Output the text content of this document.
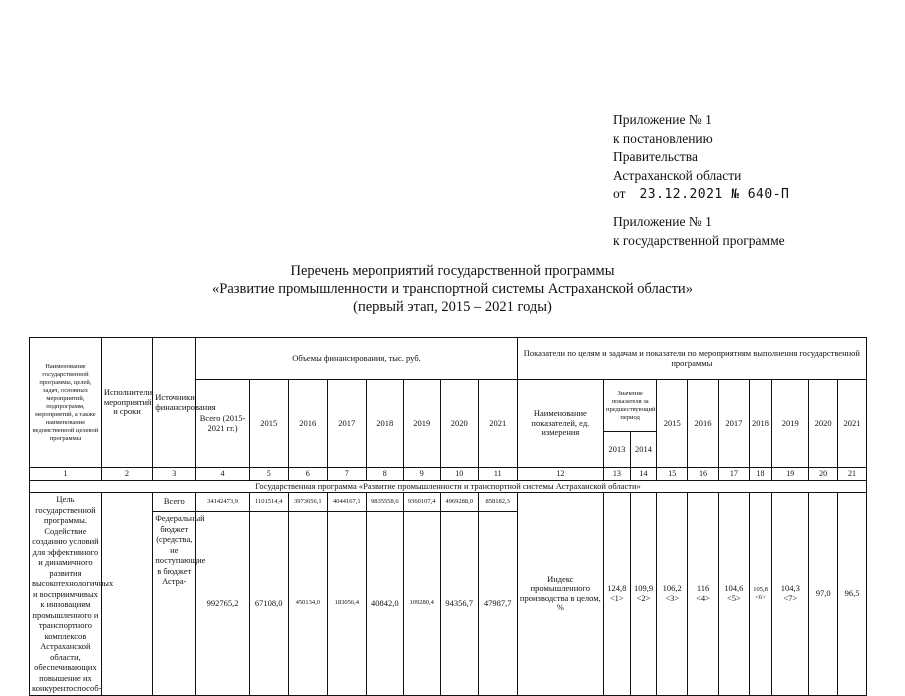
Приложение № 1
к постановлению
Правительства
Астраханской области
от 23.12.2021 № 640-П
Приложение № 1
к государственной программе
Перечень мероприятий государственной программы
«Развитие промышленности и транспортной системы Астраханской области»
(первый этап, 2015 – 2021 годы)
Наименование государственной программы, целей, задач, основных мероприятий, подпрограмм, мероприятий, а также наименование ведомственной целевой программы	Исполнители мероприятий и сроки	Источники финансирования	Объемы финансирования, тыс. руб.								Показатели по целям и задачам и показатели по мероприятиям выполнения государственной программы									
			Всего (2015-2021 гг.)	2015	2016	2017	2018	2019	2020	2021	Наименование показателей, ед. измерения	Значение показателя за предшествующий период		2015	2016	2017	2018	2019	2020	2021
												2013	2014							
1	2	3	4	5	6	7	8	9	10	11	12	13	14	15	16	17	18	19	20	21
Государственная программа «Развитие промышленности и транспортной системы Астраханской области»																				
Цель государственной программы. Содействие созданию условий для эффективного и динамичного развития высокотехнологичных и восприимчивых к инновациям промышленного и транспортного комплексов Астраханской области, обеспечивающих повышение их конкурентоспособ-		Всего	34142473,9	1101514,4	3973656,1	4044167,1	9835558,6	9360107,4	4969288,0	858182,3	Индекс промышленного производства в целом, %	124,8 <1>	109,9 <2>	106,2 <3>	116 <4>	104,6 <5>	105,8 <6>	104,3 <7>	97,0	96,5
		Федеральный бюджет (средства, не поступающие в бюджет Астра-	992765,2	67108,0	450134,0	183056,4	40842,0	109280,4	94356,7	47987,7										
